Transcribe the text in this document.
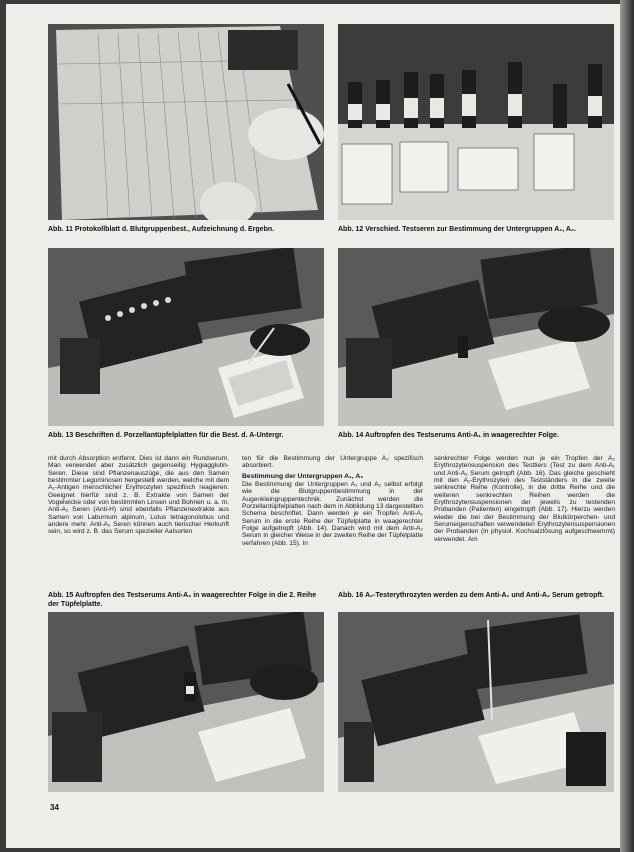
Abb. 11 Protokollblatt d. Blutgruppenbest., Aufzeichnung d. Ergebn.	Abb. 12 Verschied. Testseren zur Bestimmung der Untergruppen A₁, A₂.

Abb. 13 Beschriften d. Porzellantüpfelplatten für die Best. d. A-Untergr.	Abb. 14 Auftropfen des Testserums Anti-A₁ in waagerechter Folge.

mit durch Absorption entfernt. Dies ist dann ein Rundserum. Man verwendet aber zusätzlich gegenseitig Hygiagglutin-Seren. Diese sind Pflanzenauszüge, die aus den Samen bestimmter Leguminosen hergestellt werden, welche mit dem A₁-Antigen menschlicher Erythrozyten spezifisch reagieren. Geeignet hierfür sind z. B. Extrakte von Samen der Vogelwicke oder von bestimmten Linsen und Bohnen u. a. m. Anti-A₂ Seren (Anti-H) sind ebenfalls Pflanzenextrakte aus Samen von Laburnum alpinum, Lotus tetragonolobus und andere mehr. Anti-A₂ Seren können auch tierischer Herkunft sein, so wird z. B. das Serum spezieller Aalsorten

ten für die Bestimmung der Untergruppe A₂ spezifisch absorbiert.

Bestimmung der Untergruppen A₁, A₂

Die Bestimmung der Untergruppen A₁ und A₂ selbst erfolgt wie die Blutgruppenbestimmung in der Augenkleingruppentechnik. Zunächst werden die Porzellantüpfelplatten nach dem in Abbildung 13 dargestellten Schema beschriftet. Dann werden je ein Tropfen Anti-A₁ Serum in die erste Reihe der Tüpfelplatte in waagerechter Folge aufgetropft (Abb. 14). Danach wird mit dem Anti-A₂ Serum in gleicher Weise in der zweiten Reihe der Tüpfelplatte verfahren (Abb. 15). In

senkrechter Folge werden nun je ein Tropfen der A₂ Erythrozytensuspension des Testtiers (Test zu dem Anti-A₁ und Anti-A₂ Serum getropft (Abb. 16). Das gleiche geschieht mit den A₁-Erythrozyten des Testständers in die zweite senkrechte Reihe (Kontrolle), in die dritte Reihe und die weiteren senkrechten Reihen werden die Erythrozytensuspensionen der jeweils zu testenden Probanden (Patienten) eingetropft (Abb. 17). Hierzu werden wieder die bei der Bestimmung der Blutkörperchen- und Serumeigenschaften verwendeten Erythrozytensuspensionen der Probanden (in physiol. Kochsalzlösung aufgeschwemmt) verwendet. Am

Abb. 15 Auftropfen des Testserums Anti-A₂ in waagerechter Folge in die 2. Reihe der Tüpfelplatte.

Abb. 16 A₂-Testerythrozyten werden zu dem Anti-A₁ und Anti-A₂ Serum getropft.

34
